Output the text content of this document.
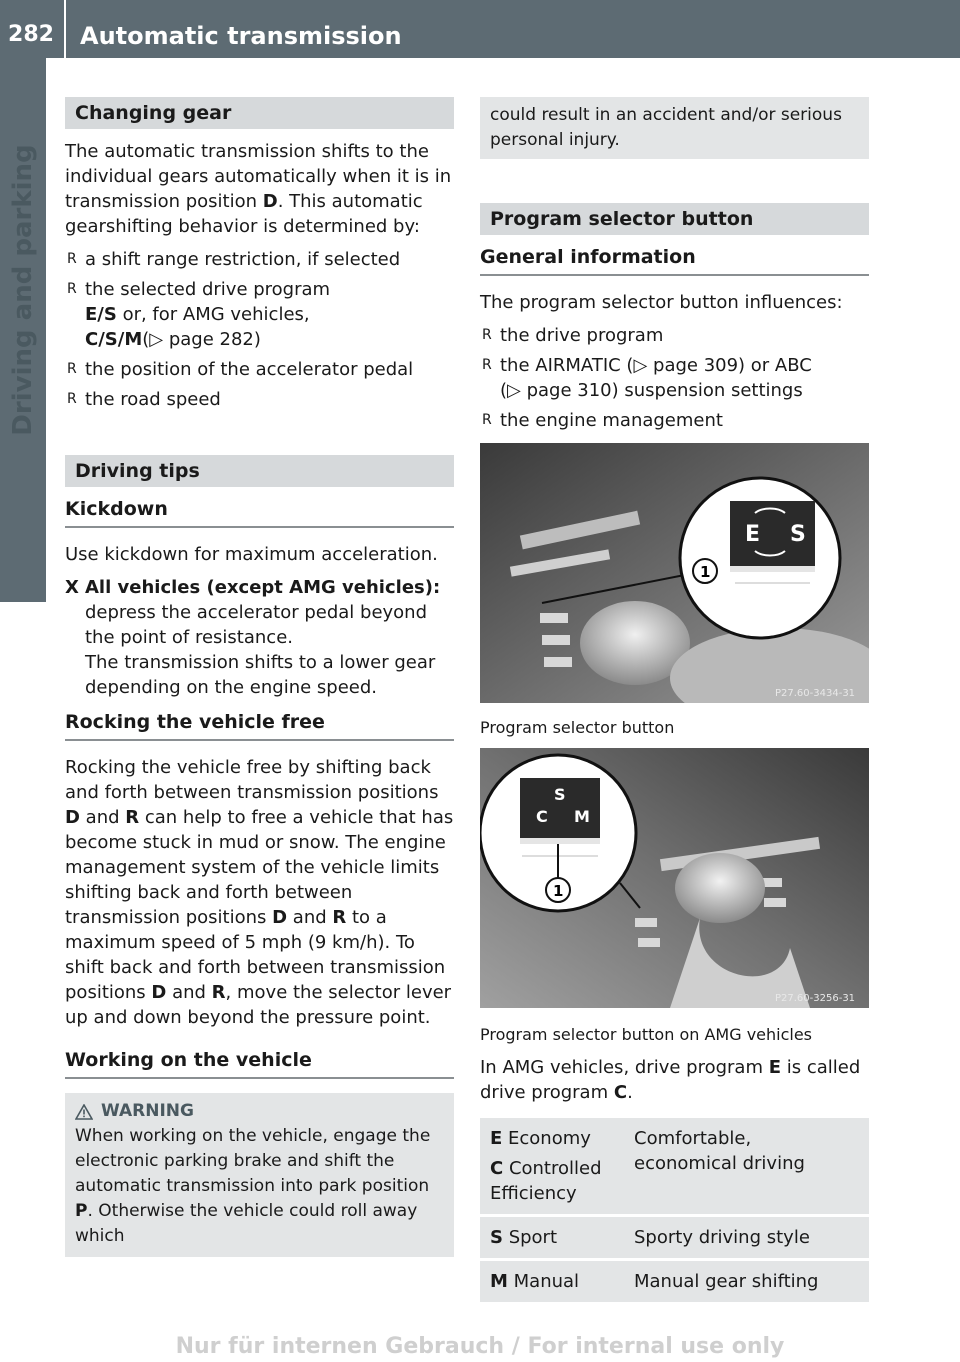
282	Automatic transmission
Driving and parking
Changing gear

The automatic transmission shifts to the individual gears automatically when it is in transmission position D. This automatic gearshifting behavior is determined by:

R a shift range restriction, if selected
R the selected drive program
E/S or, for AMG vehicles,
C/S/M(▷ page 282)
R the position of the accelerator pedal
R the road speed
Driving tips
Kickdown

Use kickdown for maximum acceleration.

X All vehicles (except AMG vehicles): depress the accelerator pedal beyond the point of resistance.
The transmission shifts to a lower gear depending on the engine speed.
Rocking the vehicle free

Rocking the vehicle free by shifting back and forth between transmission positions D and R can help to free a vehicle that has become stuck in mud or snow. The engine management system of the vehicle limits shifting back and forth between transmission positions D and R to a maximum speed of 5 mph (9 km/h). To shift back and forth between transmission positions D and R, move the selector lever up and down beyond the pressure point.

Working on the vehicle
WARNING
When working on the vehicle, engage the electronic parking brake and shift the automatic transmission into park position P. Otherwise the vehicle could roll away which
could result in an accident and/or serious personal injury.
Program selector button
General information

The program selector button influences:

R the drive program
R the AIRMATIC (▷ page 309) or ABC
(▷ page 310) suspension settings
R the engine management
E S
1
P27.60-3434-31
Program selector button
S
C M
1
P27.60-3256-31
Program selector button on AMG vehicles

In AMG vehicles, drive program E is called drive program C.

E Economy
C Controlled Efficiency	Comfortable, economical driving
S Sport	Sporty driving style
M Manual	Manual gear shifting
Nur für internen Gebrauch / For internal use only
